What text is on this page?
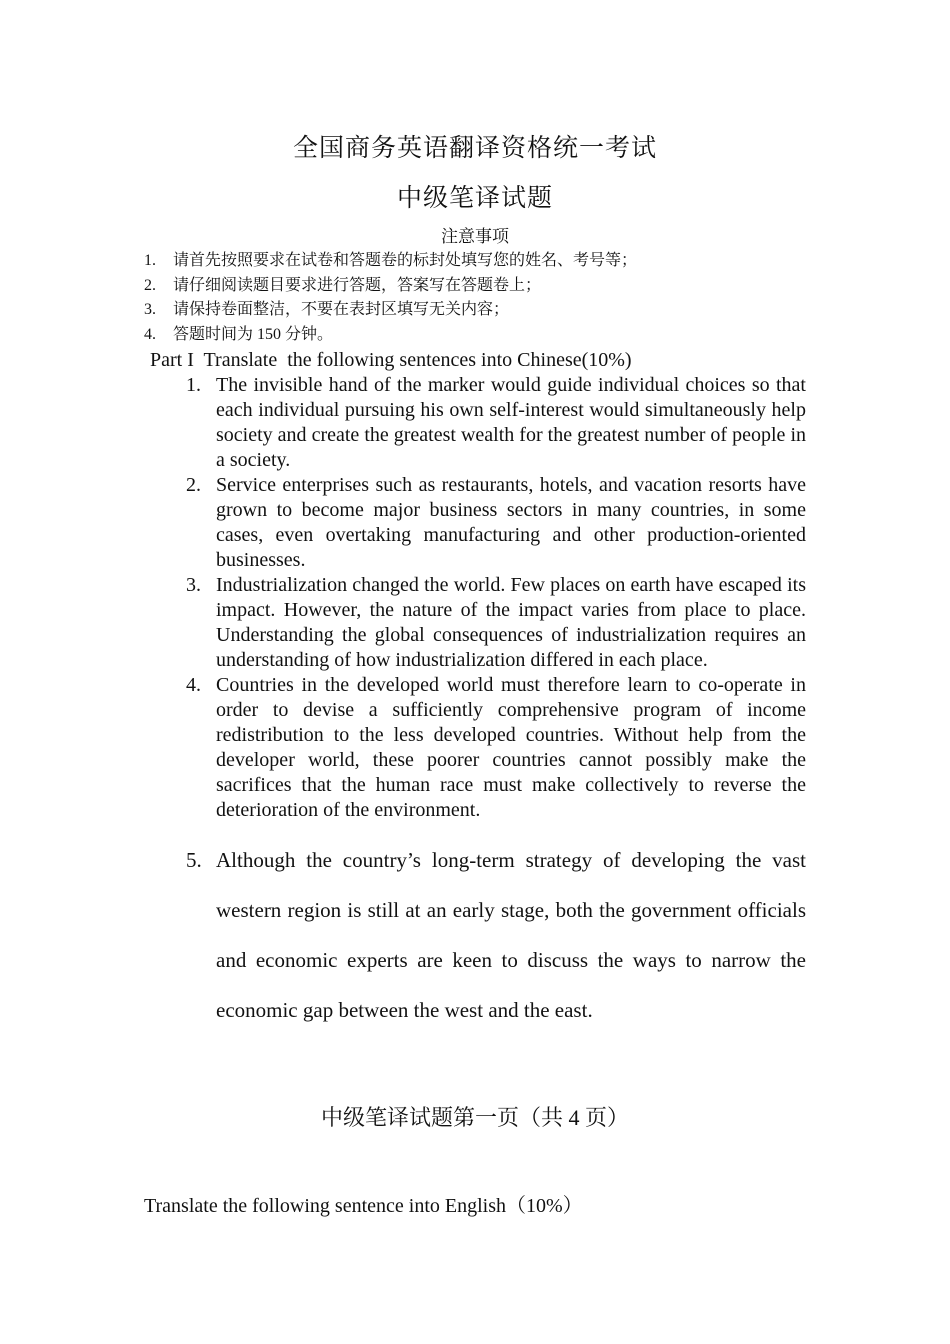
全国商务英语翻译资格统一考试
中级笔译试题
注意事项
1.	请首先按照要求在试卷和答题卷的标封处填写您的姓名、考号等；
2.	请仔细阅读题目要求进行答题，答案写在答题卷上；
3.	请保持卷面整洁，不要在表封区填写无关内容；
4.	答题时间为 150 分钟。
Part I  Translate  the following sentences into Chinese(10%)
1. The invisible hand of the marker would guide individual choices so that each individual pursuing his own self-interest would simultaneously help society and create the greatest wealth for the greatest number of people in a society.
2. Service enterprises such as restaurants, hotels, and vacation resorts have grown to become major business sectors in many countries, in some cases, even overtaking manufacturing and other production-oriented businesses.
3. Industrialization changed the world. Few places on earth have escaped its impact. However, the nature of the impact varies from place to place. Understanding the global consequences of industrialization requires an understanding of how industrialization differed in each place.
4. Countries in the developed world must therefore learn to co-operate in order to devise a sufficiently comprehensive program of income redistribution to the less developed countries. Without help from the developer world, these poorer countries cannot possibly make the sacrifices that the human race must make collectively to reverse the deterioration of the environment.
5. Although the country’s long-term strategy of developing the vast western region is still at an early stage, both the government officials and economic experts are keen to discuss the ways to narrow the economic gap between the west and the east.
中级笔译试题第一页（共 4 页）
Translate the following sentence into English（10%）
